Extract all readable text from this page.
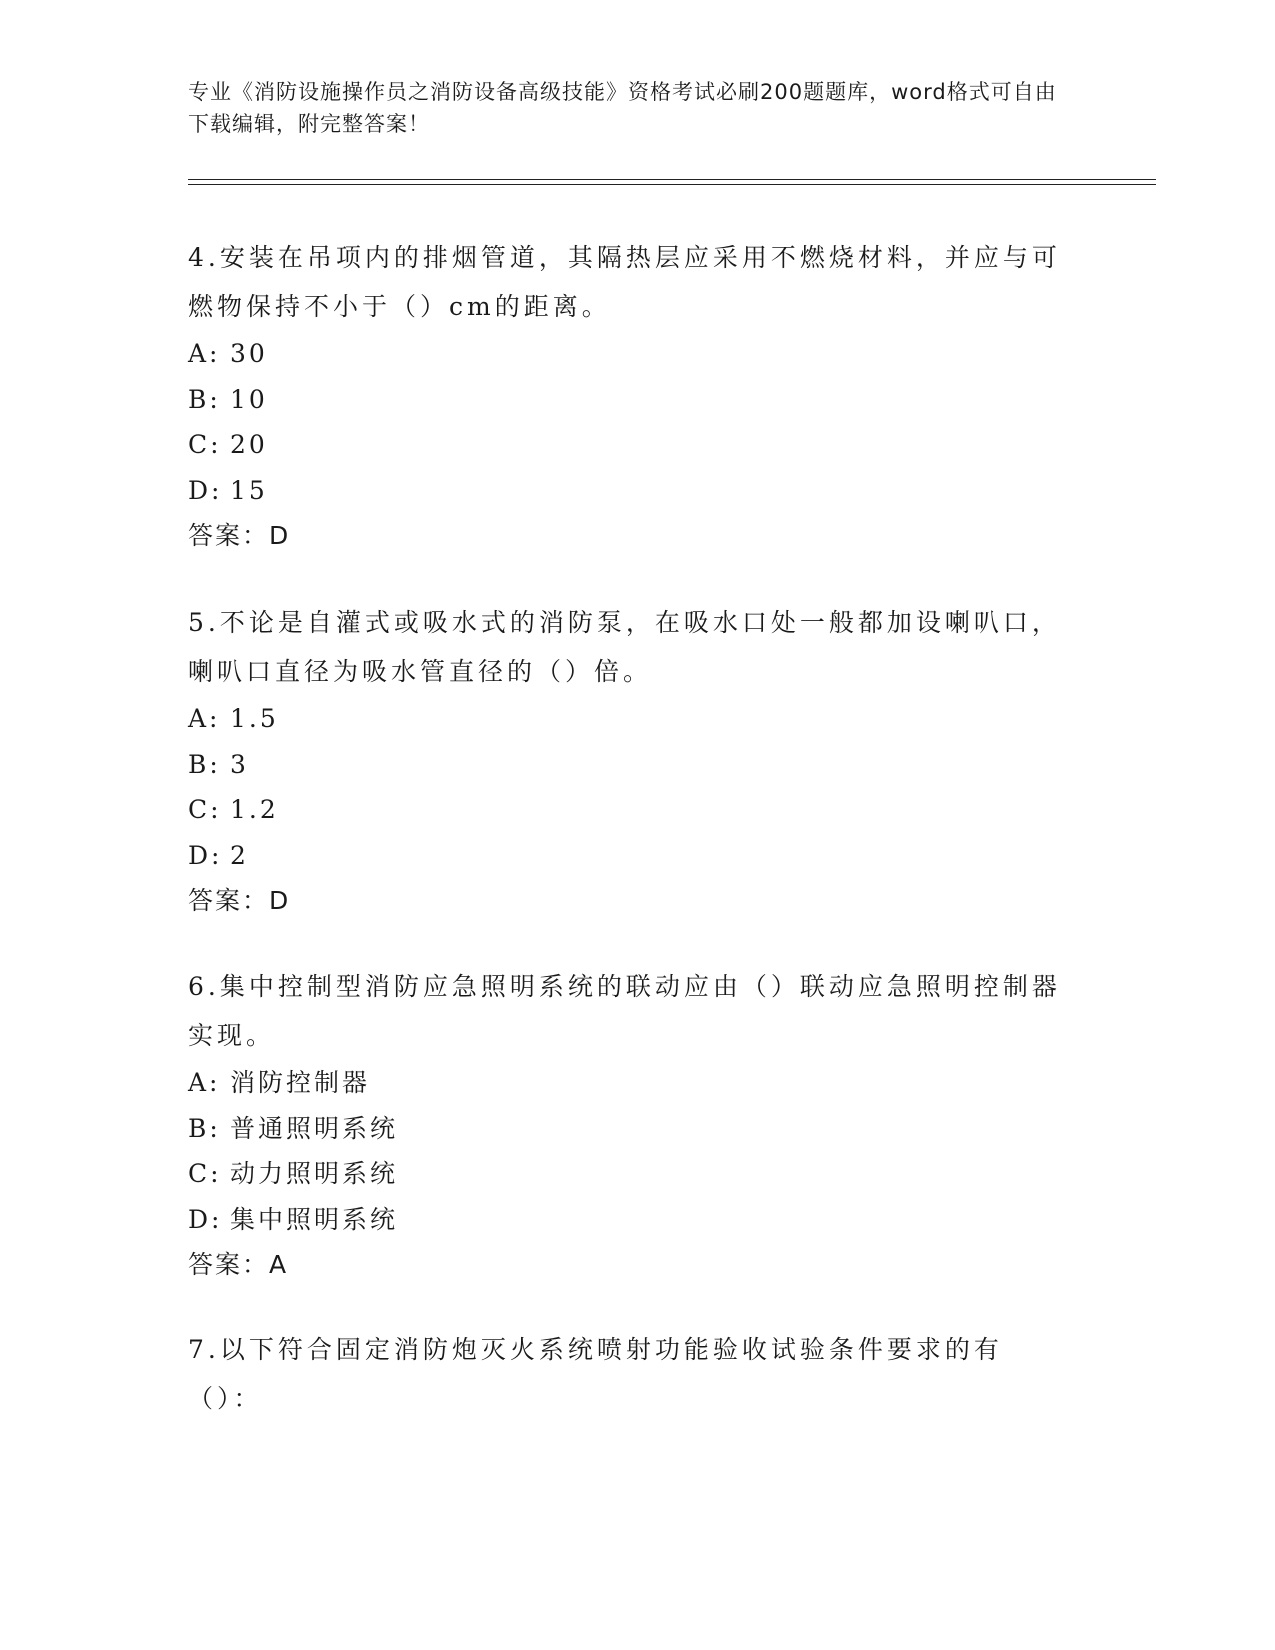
专业《消防设施操作员之消防设备高级技能》资格考试必刷200题题库，word格式可自由下载编辑，附完整答案！

4.安装在吊项内的排烟管道，其隔热层应采用不燃烧材料，并应与可燃物保持不小于（）cm的距离。

A: 30

B: 10

C: 20

D: 15

答案：D

5.不论是自灌式或吸水式的消防泵，在吸水口处一般都加设喇叭口，喇叭口直径为吸水管直径的（）倍。

A: 1.5

B: 3

C: 1.2

D: 2

答案：D

6.集中控制型消防应急照明系统的联动应由（）联动应急照明控制器实现。

A: 消防控制器

B: 普通照明系统

C: 动力照明系统

D: 集中照明系统

答案：A

7.以下符合固定消防炮灭火系统喷射功能验收试验条件要求的有（）：
